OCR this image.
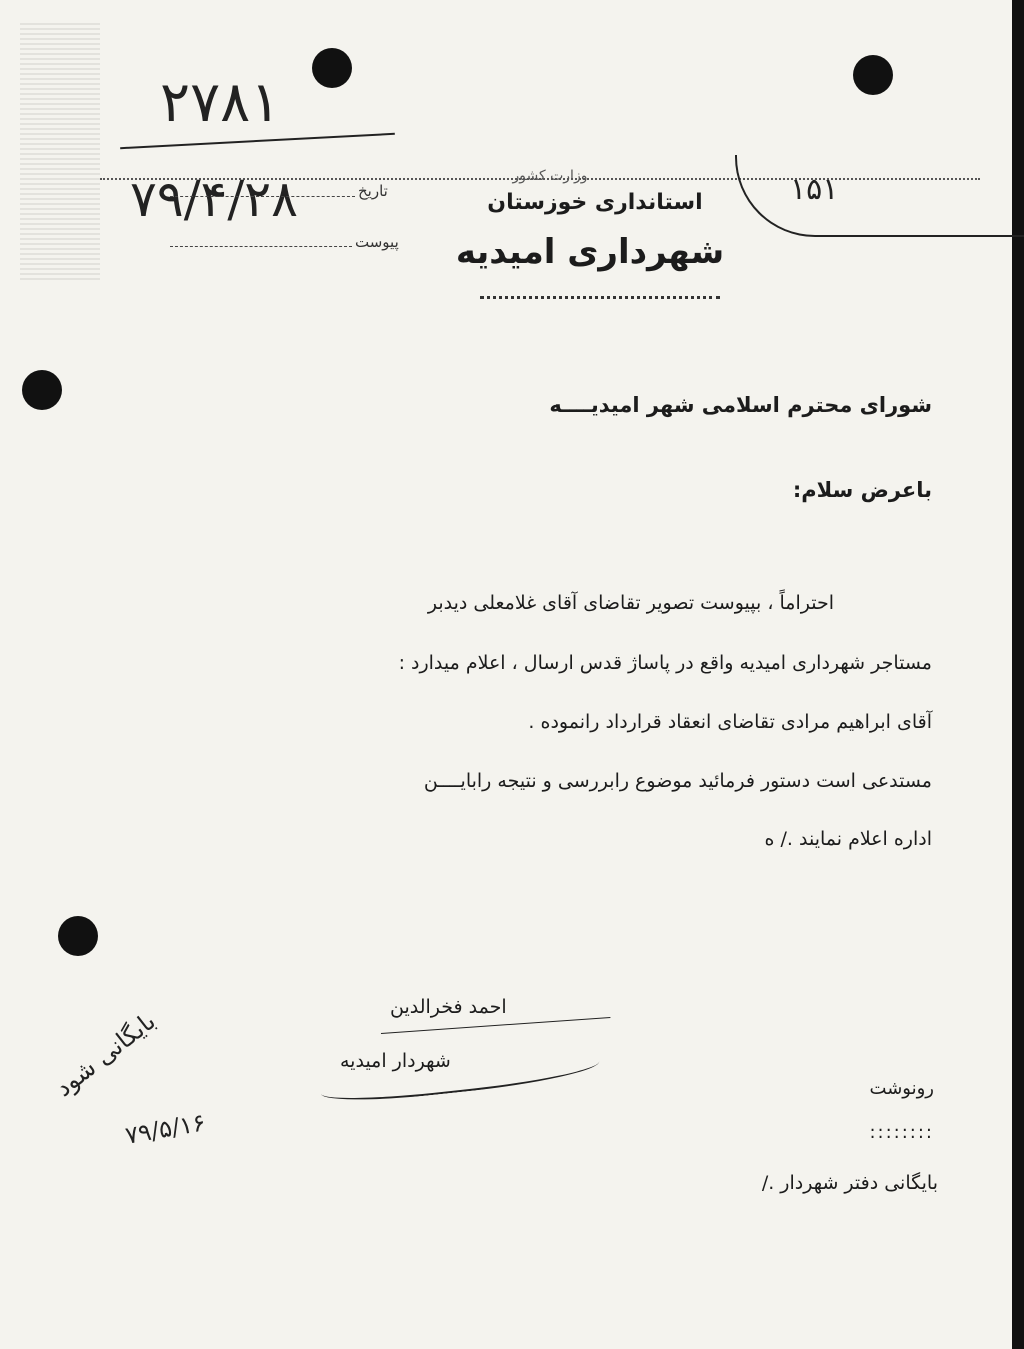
۲۷۸۱
۷۹/۴/۲۸	تاریخ
پیوست
وزارت کشور
استانداری خوزستان
شهرداری امیدیه
۱۵۱
شورای محترم اسلامی شهر امیدیــــه
باعرض سلام:
احتراماً ، بپیوست تصویر تقاضای آقای غلامعلی دیدبر
مستاجر شهرداری امیدیه واقع در پاساژ قدس ارسال ، اعلام میدارد :
آقای ابراهیم مرادی تقاضای انعقاد قرارداد رانموده .
مستدعی است دستور فرمائید موضوع رابررسی و نتیجه رابایــــن
اداره اعلام نمایند ./ ه
احمد فخرالدین
شهردار امیدیه
بایگانی شود
۷۹/۵/۱۶
رونوشت
::::::::
بایگانی دفتر شهردار ./
